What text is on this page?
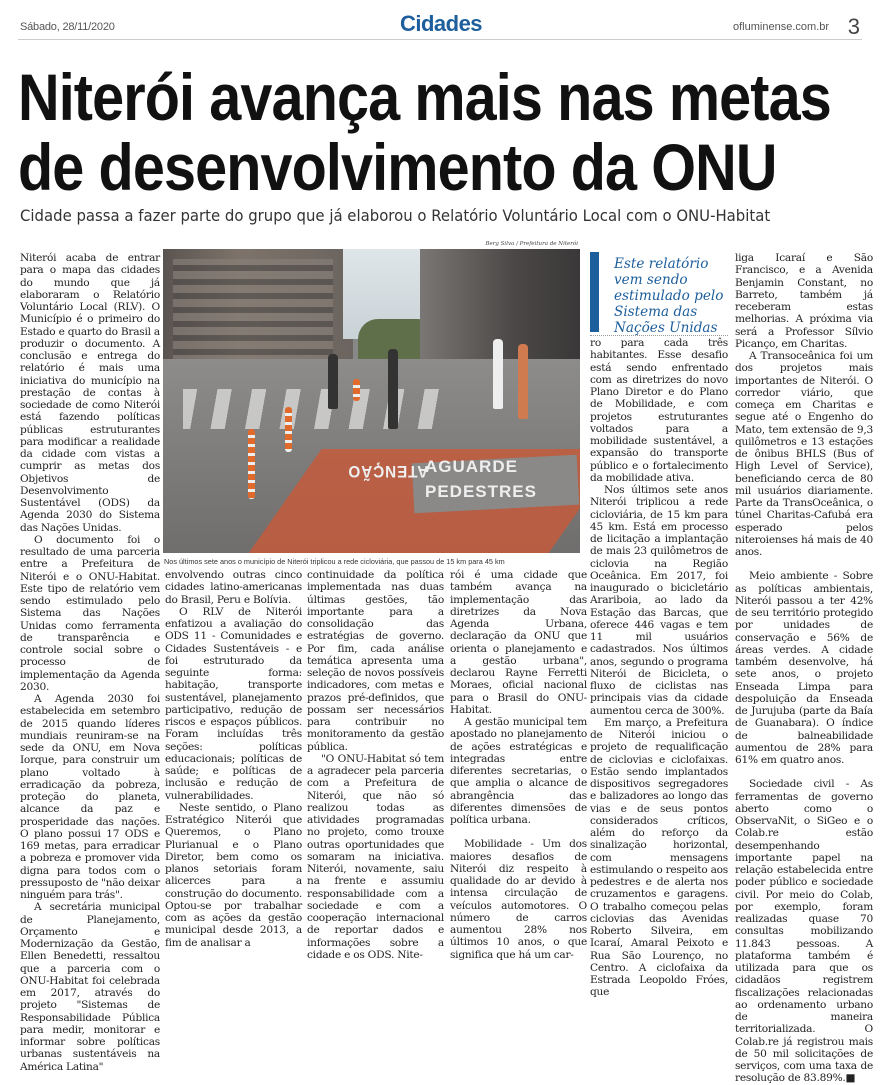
Sábado, 28/11/2020	Cidades	ofluminense.com.br 3
Niterói avança mais nas metas
de desenvolvimento da ONU

Cidade passa a fazer parte do grupo que já elaborou o Relatório Voluntário Local com o ONU-Habitat

Berg Silva / Prefeitura de Niterói
ATENÇÃO
AGUARDE
PEDESTRES
Nos últimos sete anos o município de Niterói triplicou a rede cicloviária, que passou de 15 km para 45 km

Este relatório vem sendo estimulado pelo Sistema das Nações Unidas

Niterói acaba de entrar para o mapa das cidades do mundo que já elaboraram o Relatório Voluntário Local (RLV). O Município é o primeiro do Estado e quarto do Brasil a produzir o documento. A conclusão e entrega do relatório é mais uma iniciativa do município na prestação de contas à sociedade de como Niterói está fazendo políticas públicas estruturantes para modificar a realidade da cidade com vistas a cumprir as metas dos Objetivos de Desenvolvimento Sustentável (ODS) da Agenda 2030 do Sistema das Nações Unidas.

O documento foi o resultado de uma parceria entre a Prefeitura de Niterói e o ONU-Habitat. Este tipo de relatório vem sendo estimulado pelo Sistema das Nações Unidas como ferramenta de transparência e controle social sobre o processo de implementação da Agenda 2030.

A Agenda 2030 foi estabelecida em setembro de 2015 quando líderes mundiais reuniram-se na sede da ONU, em Nova Iorque, para construir um plano voltado à erradicação da pobreza, proteção do planeta, alcance da paz e prosperidade das nações. O plano possui 17 ODS e 169 metas, para erradicar a pobreza e promover vida digna para todos com o pressuposto de "não deixar ninguém para trás".

A secretária municipal de Planejamento, Orçamento e Modernização da Gestão, Ellen Benedetti, ressaltou que a parceria com o ONU-Habitat foi celebrada em 2017, através do projeto "Sistemas de Responsabilidade Pública para medir, monitorar e informar sobre políticas urbanas sustentáveis na América Latina"

envolvendo outras cinco cidades latino-americanas do Brasil, Peru e Bolívia.

O RLV de Niterói enfatizou a avaliação do ODS 11 - Comunidades e Cidades Sustentáveis - e foi estruturado da seguinte forma: habitação, transporte sustentável, planejamento participativo, redução de riscos e espaços públicos. Foram incluídas três seções: políticas educacionais; políticas de saúde; e políticas de inclusão e redução de vulnerabilidades.

Neste sentido, o Plano Estratégico Niterói que Queremos, o Plano Plurianual e o Plano Diretor, bem como os planos setoriais foram alicerces para a construção do documento. Optou-se por trabalhar com as ações da gestão municipal desde 2013, a fim de analisar a

continuidade da política implementada nas duas últimas gestões, tão importante para a consolidação das estratégias de governo. Por fim, cada análise temática apresenta uma seleção de novos possíveis indicadores, com metas e prazos pré-definidos, que possam ser necessários para contribuir no monitoramento da gestão pública.

"O ONU-Habitat só tem a agradecer pela parceria com a Prefeitura de Niterói, que não só realizou todas as atividades programadas no projeto, como trouxe outras oportunidades que somaram na iniciativa. Niterói, novamente, saiu na frente e assumiu responsabilidade com a sociedade e com a cooperação internacional de reportar dados e informações sobre a cidade e os ODS. Nite-

rói é uma cidade que também avança na implementação das diretrizes da Nova Agenda Urbana, declaração da ONU que orienta o planejamento e a gestão urbana", declarou Rayne Ferretti Moraes, oficial nacional para o Brasil do ONU-Habitat.

A gestão municipal tem apostado no planejamento de ações estratégicas e integradas entre diferentes secretarias, o que amplia o alcance de abrangência das diferentes dimensões de política urbana.

Mobilidade - Um dos maiores desafios de Niterói diz respeito à qualidade do ar devido à intensa circulação de veículos automotores. O número de carros aumentou 28% nos últimos 10 anos, o que significa que há um car-

ro para cada três habitantes. Esse desafio está sendo enfrentado com as diretrizes do novo Plano Diretor e do Plano de Mobilidade, e com projetos estruturantes voltados para a mobilidade sustentável, a expansão do transporte público e o fortalecimento da mobilidade ativa.

Nos últimos sete anos Niterói triplicou a rede cicloviária, de 15 km para 45 km. Está em processo de licitação a implantação de mais 23 quilômetros de ciclovia na Região Oceânica. Em 2017, foi inaugurado o bicicletário Arariboia, ao lado da Estação das Barcas, que oferece 446 vagas e tem 11 mil usuários cadastrados. Nos últimos anos, segundo o programa Niterói de Bicicleta, o fluxo de ciclistas nas principais vias da cidade aumentou cerca de 300%.

Em março, a Prefeitura de Niterói iniciou o projeto de requalificação de ciclovias e ciclofaixas. Estão sendo implantados dispositivos segregadores e balizadores ao longo das vias e de seus pontos considerados críticos, além do reforço da sinalização horizontal, com mensagens estimulando o respeito aos pedestres e de alerta nos cruzamentos e garagens. O trabalho começou pelas ciclovias das Avenidas Roberto Silveira, em Icaraí, Amaral Peixoto e Rua São Lourenço, no Centro. A ciclofaixa da Estrada Leopoldo Fróes, que

liga Icaraí e São Francisco, e a Avenida Benjamin Constant, no Barreto, também já receberam estas melhorias. A próxima via será a Professor Sílvio Picanço, em Charitas.

A Transoceânica foi um dos projetos mais importantes de Niterói. O corredor viário, que começa em Charitas e segue até o Engenho do Mato, tem extensão de 9,3 quilômetros e 13 estações de ônibus BHLS (Bus of High Level of Service), beneficiando cerca de 80 mil usuários diariamente. Parte da TransOceânica, o túnel Charitas-Cafubá era esperado pelos niteroienses há mais de 40 anos.

Meio ambiente - Sobre as políticas ambientais, Niterói passou a ter 42% de seu território protegido por unidades de conservação e 56% de áreas verdes. A cidade também desenvolve, há sete anos, o projeto Enseada Limpa para despoluição da Enseada de Jurujuba (parte da Baía de Guanabara). O índice de balneabilidade aumentou de 28% para 61% em quatro anos.

Sociedade civil - As ferramentas de governo aberto como o ObservaNit, o SiGeo e o Colab.re estão desempenhando importante papel na relação estabelecida entre poder público e sociedade civil. Por meio do Colab, por exemplo, foram realizadas quase 70 consultas mobilizando 11.843 pessoas. A plataforma também é utilizada para que os cidadãos registrem fiscalizações relacionadas ao ordenamento urbano de maneira territorializada. O Colab.re já registrou mais de 50 mil solicitações de serviços, com uma taxa de resolução de 83.89%.■
